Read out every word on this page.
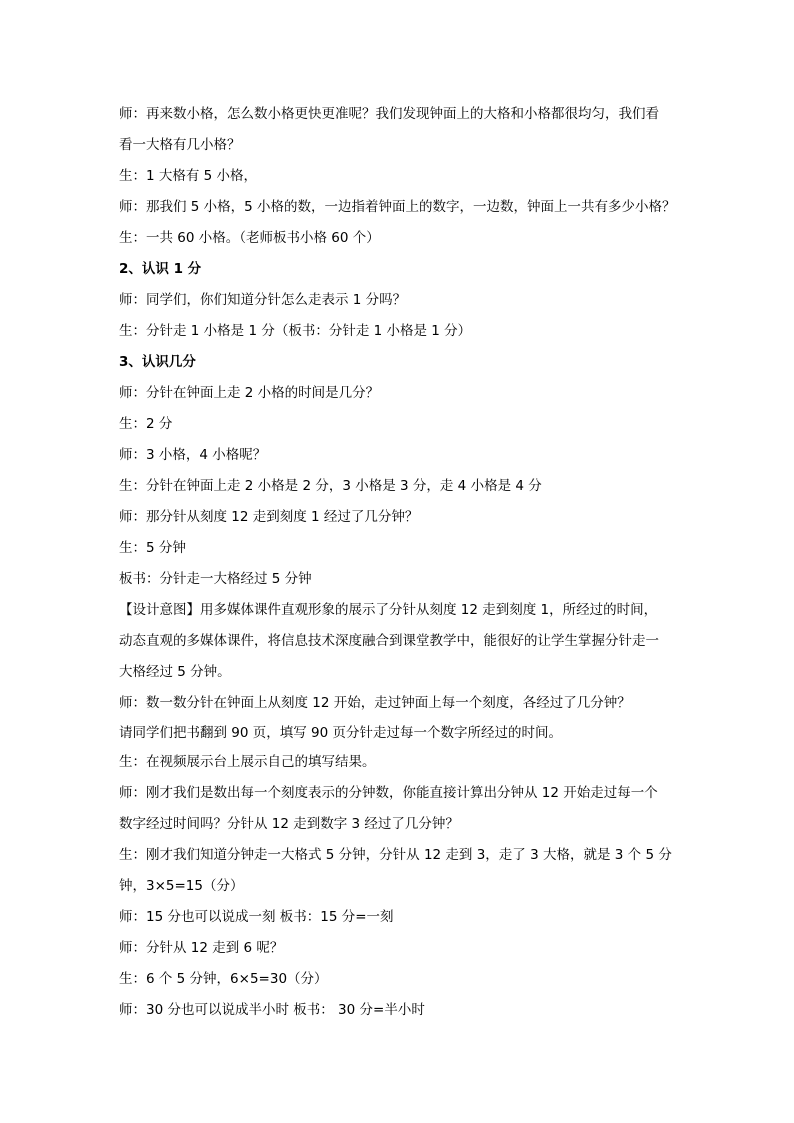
师：再来数小格，怎么数小格更快更准呢？我们发现钟面上的大格和小格都很均匀，我们看
看一大格有几小格？
生：1 大格有 5 小格，
师：那我们 5 小格，5 小格的数，一边指着钟面上的数字，一边数，钟面上一共有多少小格？
生：一共 60 小格。（老师板书小格 60 个）
2、认识 1 分
师：同学们，你们知道分针怎么走表示 1 分吗？
生：分针走 1 小格是 1 分（板书：分针走 1 小格是 1 分）
3、认识几分
师：分针在钟面上走 2 小格的时间是几分？
生：2 分
师：3 小格，4 小格呢？
生：分针在钟面上走 2 小格是 2 分，3 小格是 3 分，走 4 小格是 4 分
师：那分针从刻度 12 走到刻度 1 经过了几分钟？
生：5 分钟
板书：分针走一大格经过 5 分钟
【设计意图】用多媒体课件直观形象的展示了分针从刻度 12 走到刻度 1，所经过的时间，
动态直观的多媒体课件，将信息技术深度融合到课堂教学中，能很好的让学生掌握分针走一
大格经过 5 分钟。
师：数一数分针在钟面上从刻度 12 开始，走过钟面上每一个刻度，各经过了几分钟？
请同学们把书翻到 90 页，填写 90 页分针走过每一个数字所经过的时间。
生：在视频展示台上展示自己的填写结果。
师：刚才我们是数出每一个刻度表示的分钟数，你能直接计算出分钟从 12 开始走过每一个
数字经过时间吗？分针从 12 走到数字 3 经过了几分钟？
生：刚才我们知道分钟走一大格式 5 分钟，分针从 12 走到 3，走了 3 大格，就是 3 个 5 分
钟，3×5=15（分）
师：15 分也可以说成一刻 板书：15 分=一刻
师：分针从 12 走到 6 呢？
生：6 个 5 分钟，6×5=30（分）
师：30 分也可以说成半小时 板书： 30 分=半小时
